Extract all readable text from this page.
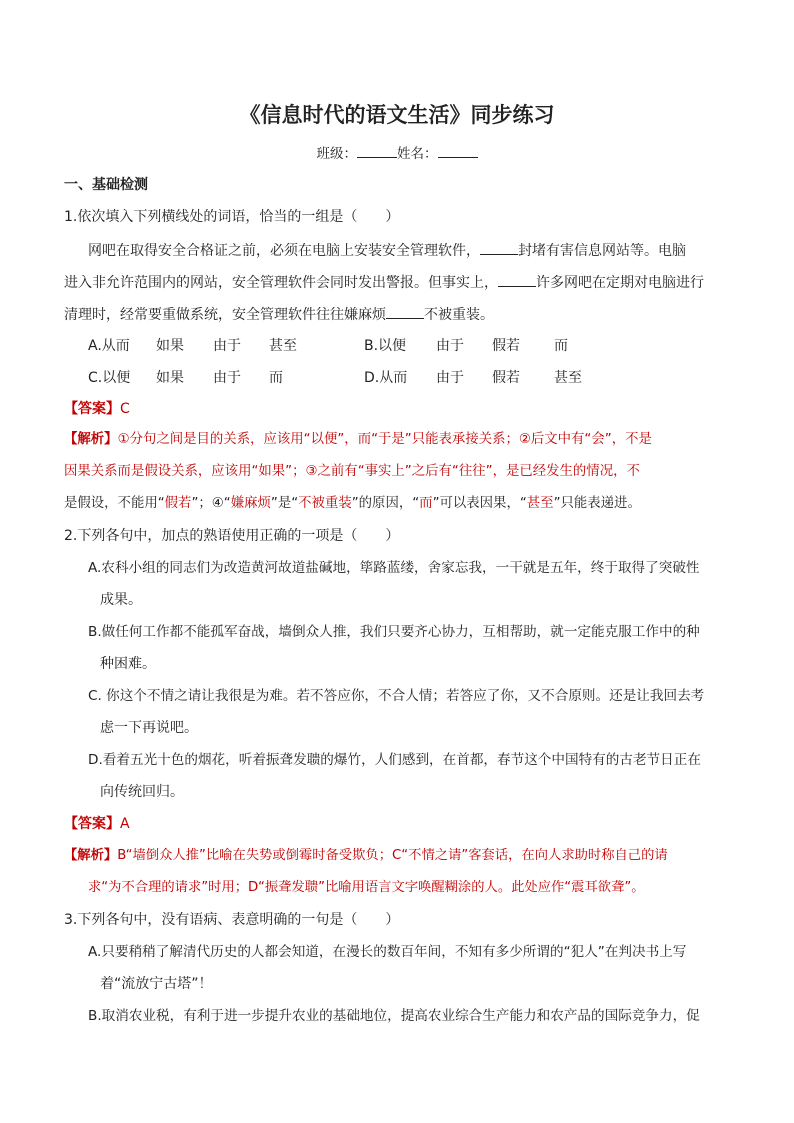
《信息时代的语文生活》同步练习
班级：	姓名：
一、基础检测
1.依次填入下列横线处的词语，恰当的一组是（　　）
网吧在取得安全合格证之前，必须在电脑上安装安全管理软件，	封堵有害信息网站等。电脑
进入非允许范围内的网站，安全管理软件会同时发出警报。但事实上，	许多网吧在定期对电脑进行
清理时，经常要重做系统，安全管理软件往往嫌麻烦	不被重装。
A.从而 如果 由于 甚至	B.以便 由于 假若 而
C.以便 如果 由于 而	D.从而 由于 假若 甚至
【答案】C
【解析】①分句之间是目的关系，应该用“以便”，而“于是”只能表承接关系；②后文中有“会”，不是
因果关系而是假设关系，应该用“如果”；③之前有“事实上”之后有“往往”，是已经发生的情况，不
是假设，不能用“假若”；④“嫌麻烦”是“不被重装”的原因，“而”可以表因果，“甚至”只能表递进。
2.下列各句中，加点的熟语使用正确的一项是（　　）
A.农科小组的同志们为改造黄河故道盐碱地，筚路蓝缕，舍家忘我，一干就是五年，终于取得了突破性
成果。
B.做任何工作都不能孤军奋战，墙倒众人推，我们只要齐心协力，互相帮助，就一定能克服工作中的种
种困难。
C. 你这个不情之请让我很是为难。若不答应你，不合人情；若答应了你，又不合原则。还是让我回去考
虑一下再说吧。
D.看着五光十色的烟花，听着振聋发聩的爆竹，人们感到，在首都，春节这个中国特有的古老节日正在
向传统回归。
【答案】A
【解析】B“墙倒众人推”比喻在失势或倒霉时备受欺负；C“不情之请”客套话，在向人求助时称自己的请
求“为不合理的请求”时用；D“振聋发聩”比喻用语言文字唤醒糊涂的人。此处应作“震耳欲聋”。
3.下列各句中，没有语病、表意明确的一句是（　　）
A.只要稍稍了解清代历史的人都会知道，在漫长的数百年间，不知有多少所谓的“犯人”在判决书上写
着“流放宁古塔”！
B.取消农业税，有利于进一步提升农业的基础地位，提高农业综合生产能力和农产品的国际竞争力，促
